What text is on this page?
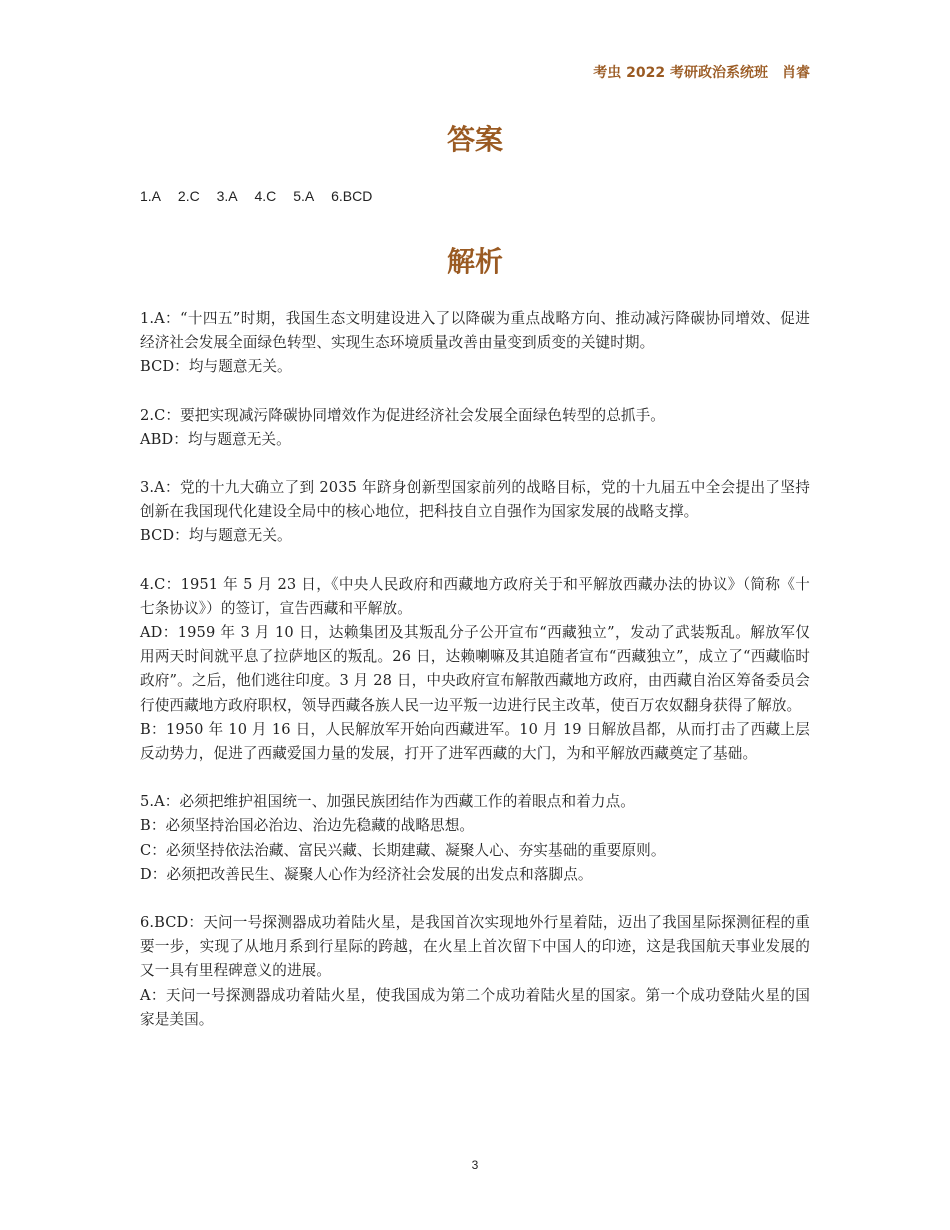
考虫 2022 考研政治系统班　肖睿
答案
1.A 2.C 3.A 4.C 5.A 6.BCD
解析

1.A：“十四五”时期，我国生态文明建设进入了以降碳为重点战略方向、推动减污降碳协同增效、促进经济社会发展全面绿色转型、实现生态环境质量改善由量变到质变的关键时期。

BCD：均与题意无关。

2.C：要把实现减污降碳协同增效作为促进经济社会发展全面绿色转型的总抓手。

ABD：均与题意无关。

3.A：党的十九大确立了到 2035 年跻身创新型国家前列的战略目标，党的十九届五中全会提出了坚持创新在我国现代化建设全局中的核心地位，把科技自立自强作为国家发展的战略支撑。

BCD：均与题意无关。

4.C：1951 年 5 月 23 日，《中央人民政府和西藏地方政府关于和平解放西藏办法的协议》（简称《十七条协议》）的签订，宣告西藏和平解放。

AD：1959 年 3 月 10 日，达赖集团及其叛乱分子公开宣布“西藏独立”，发动了武装叛乱。解放军仅用两天时间就平息了拉萨地区的叛乱。26 日，达赖喇嘛及其追随者宣布“西藏独立”，成立了“西藏临时政府”。之后，他们逃往印度。3 月 28 日，中央政府宣布解散西藏地方政府，由西藏自治区筹备委员会行使西藏地方政府职权，领导西藏各族人民一边平叛一边进行民主改革，使百万农奴翻身获得了解放。

B：1950 年 10 月 16 日，人民解放军开始向西藏进军。10 月 19 日解放昌都，从而打击了西藏上层反动势力，促进了西藏爱国力量的发展，打开了进军西藏的大门，为和平解放西藏奠定了基础。

5.A：必须把维护祖国统一、加强民族团结作为西藏工作的着眼点和着力点。

B：必须坚持治国必治边、治边先稳藏的战略思想。

C：必须坚持依法治藏、富民兴藏、长期建藏、凝聚人心、夯实基础的重要原则。

D：必须把改善民生、凝聚人心作为经济社会发展的出发点和落脚点。

6.BCD：天问一号探测器成功着陆火星，是我国首次实现地外行星着陆，迈出了我国星际探测征程的重要一步，实现了从地月系到行星际的跨越，在火星上首次留下中国人的印迹，这是我国航天事业发展的又一具有里程碑意义的进展。

A：天问一号探测器成功着陆火星，使我国成为第二个成功着陆火星的国家。第一个成功登陆火星的国家是美国。

3
